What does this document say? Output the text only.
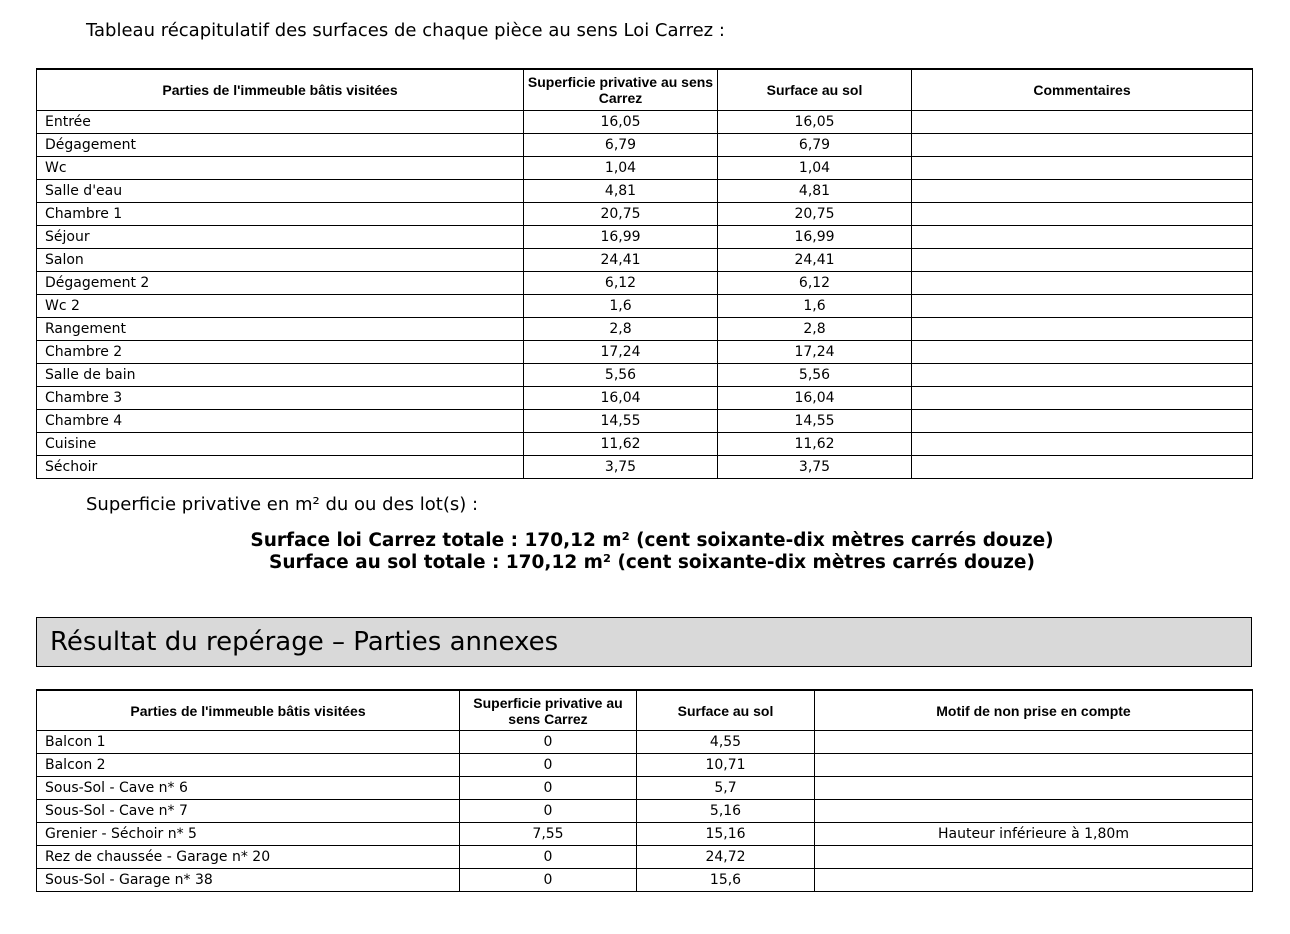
Tableau récapitulatif des surfaces de chaque pièce au sens Loi Carrez :
Parties de l'immeuble bâtis visitées	Superficie privative au sens Carrez	Surface au sol	Commentaires
Entrée	16,05	16,05	
Dégagement	6,79	6,79	
Wc	1,04	1,04	
Salle d'eau	4,81	4,81	
Chambre 1	20,75	20,75	
Séjour	16,99	16,99	
Salon	24,41	24,41	
Dégagement 2	6,12	6,12	
Wc 2	1,6	1,6	
Rangement	2,8	2,8	
Chambre 2	17,24	17,24	
Salle de bain	5,56	5,56	
Chambre 3	16,04	16,04	
Chambre 4	14,55	14,55	
Cuisine	11,62	11,62	
Séchoir	3,75	3,75	
Superficie privative en m² du ou des lot(s) :
Surface loi Carrez totale : 170,12 m² (cent soixante-dix mètres carrés douze)
Surface au sol totale : 170,12 m² (cent soixante-dix mètres carrés douze)
Résultat du repérage – Parties annexes
Parties de l'immeuble bâtis visitées	Superficie privative au sens Carrez	Surface au sol	Motif de non prise en compte
Balcon 1	0	4,55	
Balcon 2	0	10,71	
Sous-Sol - Cave n* 6	0	5,7	
Sous-Sol - Cave n* 7	0	5,16	
Grenier - Séchoir n* 5	7,55	15,16	Hauteur inférieure à 1,80m
Rez de chaussée - Garage n* 20	0	24,72	
Sous-Sol - Garage n* 38	0	15,6	
